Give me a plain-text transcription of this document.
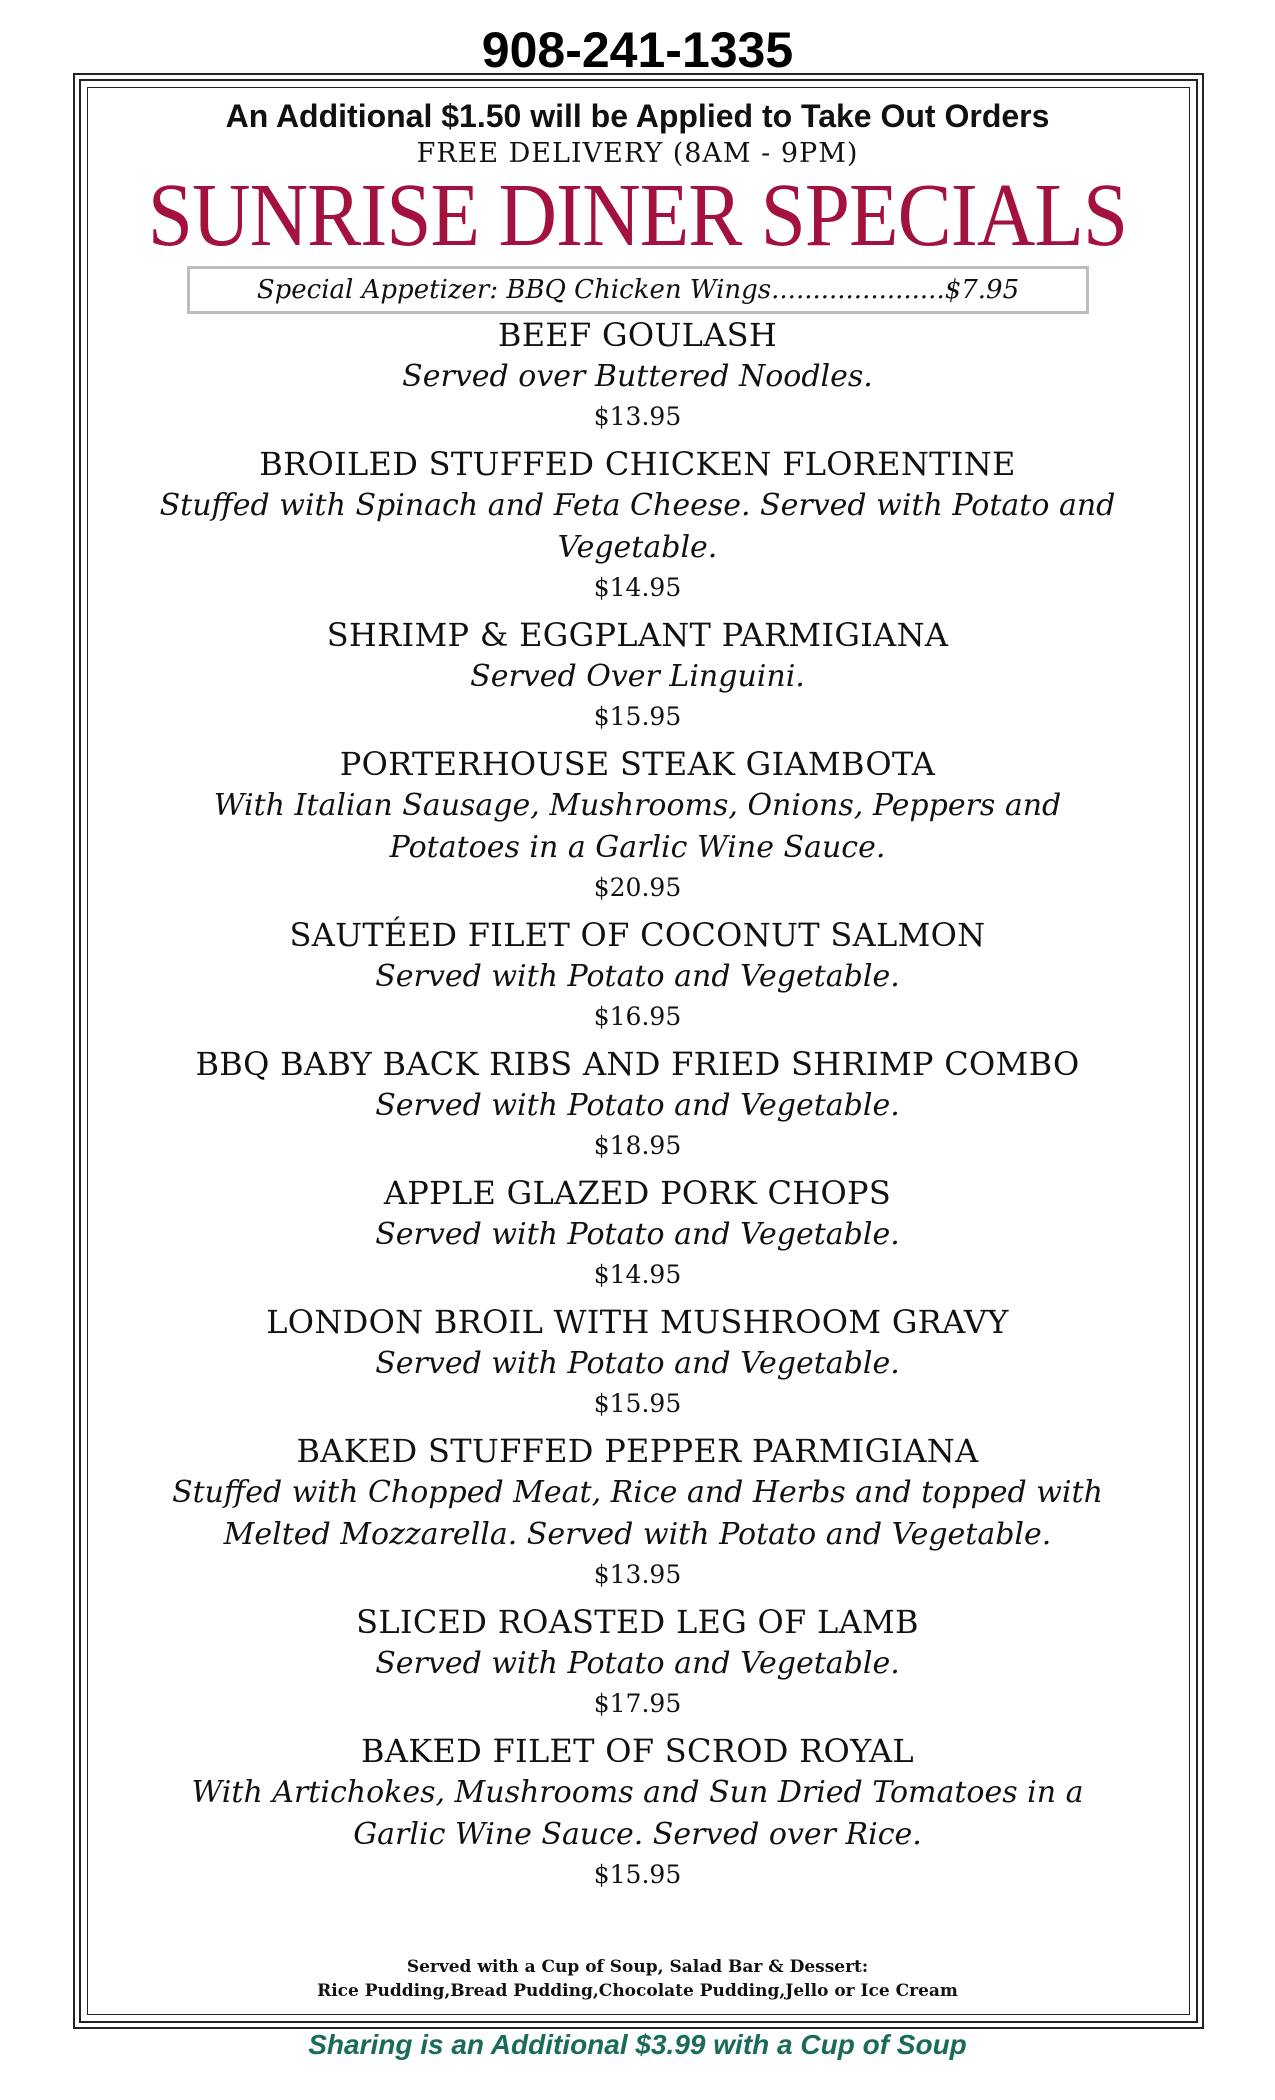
908-241-1335
An Additional $1.50 will be Applied to Take Out Orders
FREE DELIVERY (8AM - 9PM)
SUNRISE DINER SPECIALS
Special Appetizer: BBQ Chicken Wings.....................$7.95
BEEF GOULASH
Served over Buttered Noodles.
$13.95
BROILED STUFFED CHICKEN FLORENTINE
Stuffed with Spinach and Feta Cheese. Served with Potato and Vegetable.
$14.95
SHRIMP & EGGPLANT PARMIGIANA
Served Over Linguini.
$15.95
PORTERHOUSE STEAK GIAMBOTA
With Italian Sausage, Mushrooms, Onions, Peppers and Potatoes in a Garlic Wine Sauce.
$20.95
SAUTÉED FILET OF COCONUT SALMON
Served with Potato and Vegetable.
$16.95
BBQ BABY BACK RIBS AND FRIED SHRIMP COMBO
Served with Potato and Vegetable.
$18.95
APPLE GLAZED PORK CHOPS
Served with Potato and Vegetable.
$14.95
LONDON BROIL WITH MUSHROOM GRAVY
Served with Potato and Vegetable.
$15.95
BAKED STUFFED PEPPER PARMIGIANA
Stuffed with Chopped Meat, Rice and Herbs and topped with Melted Mozzarella. Served with Potato and Vegetable.
$13.95
SLICED ROASTED LEG OF LAMB
Served with Potato and Vegetable.
$17.95
BAKED FILET OF SCROD ROYAL
With Artichokes, Mushrooms and Sun Dried Tomatoes in a Garlic Wine Sauce. Served over Rice.
$15.95
Served with a Cup of Soup, Salad Bar & Dessert:
Rice Pudding,Bread Pudding,Chocolate Pudding,Jello or Ice Cream
Sharing is an Additional $3.99 with a Cup of Soup
